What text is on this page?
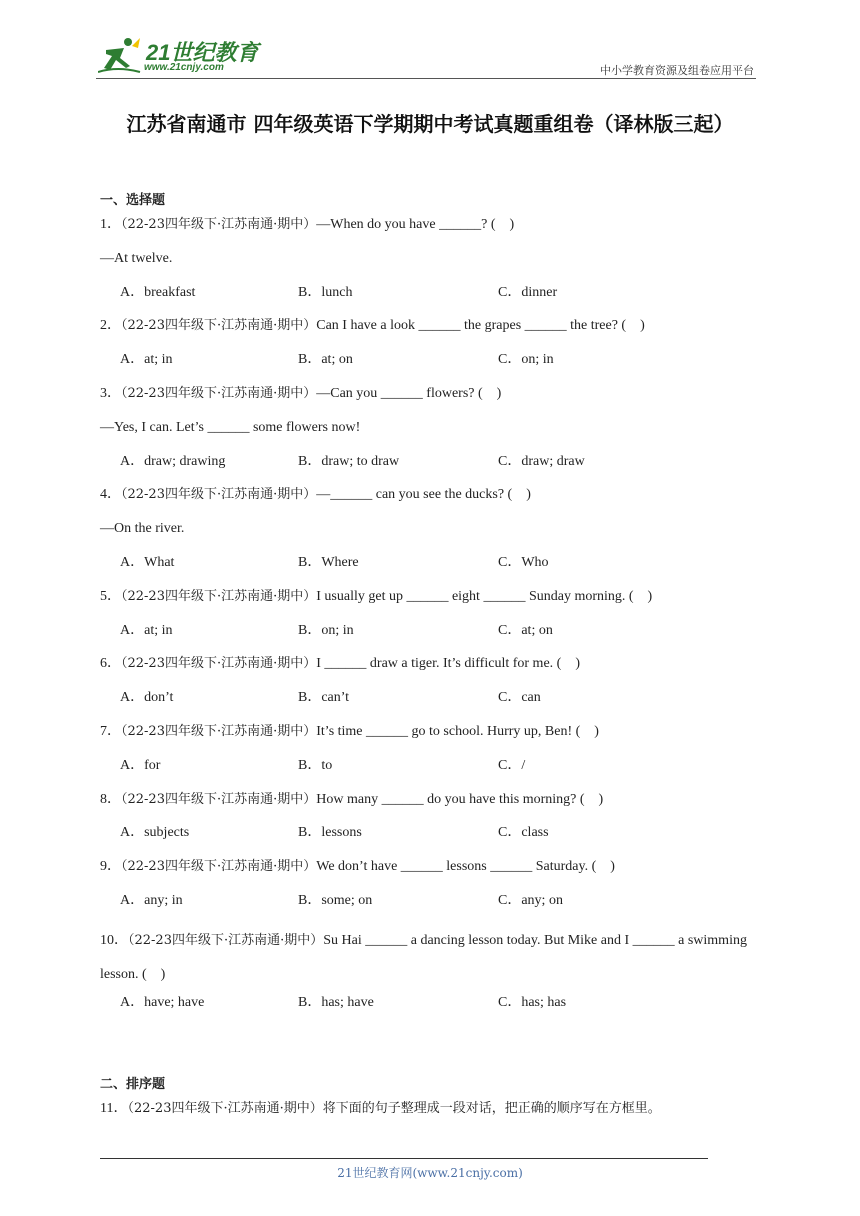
21世纪教育
www.21cnjy.com	中小学教育资源及组卷应用平台
江苏省南通市 四年级英语下学期期中考试真题重组卷（译林版三起）
一、选择题
1．（22-23四年级下·江苏南通·期中）—When do you have ______? (　)
—At twelve.
A．breakfast	B．lunch	C．dinner
2．（22-23四年级下·江苏南通·期中）Can I have a look ______ the grapes ______ the tree? (　)
A．at; in	B．at; on	C．on; in
3．（22-23四年级下·江苏南通·期中）—Can you ______ flowers? (　)
—Yes, I can. Let’s ______ some flowers now!
A．draw; drawing	B．draw; to draw	C．draw; draw
4．（22-23四年级下·江苏南通·期中）—______ can you see the ducks? (　)
—On the river.
A．What	B．Where	C．Who
5．（22-23四年级下·江苏南通·期中）I usually get up ______ eight ______ Sunday morning. (　)
A．at; in	B．on; in	C．at; on
6．（22-23四年级下·江苏南通·期中）I ______ draw a tiger. It’s difficult for me. (　)
A．don’t	B．can’t	C．can
7．（22-23四年级下·江苏南通·期中）It’s time ______ go to school. Hurry up, Ben! (　)
A．for	B．to	C．/
8．（22-23四年级下·江苏南通·期中）How many ______ do you have this morning? (　)
A．subjects	B．lessons	C．class
9．（22-23四年级下·江苏南通·期中）We don’t have ______ lessons ______ Saturday. (　)
A．any; in	B．some; on	C．any; on
10．（22-23四年级下·江苏南通·期中）Su Hai ______ a dancing lesson today. But Mike and I ______ a swimming lesson. (　)
A．have; have	B．has; have	C．has; has
二、排序题
11．（22-23四年级下·江苏南通·期中）将下面的句子整理成一段对话，把正确的顺序写在方框里。
21世纪教育网(www.21cnjy.com)
